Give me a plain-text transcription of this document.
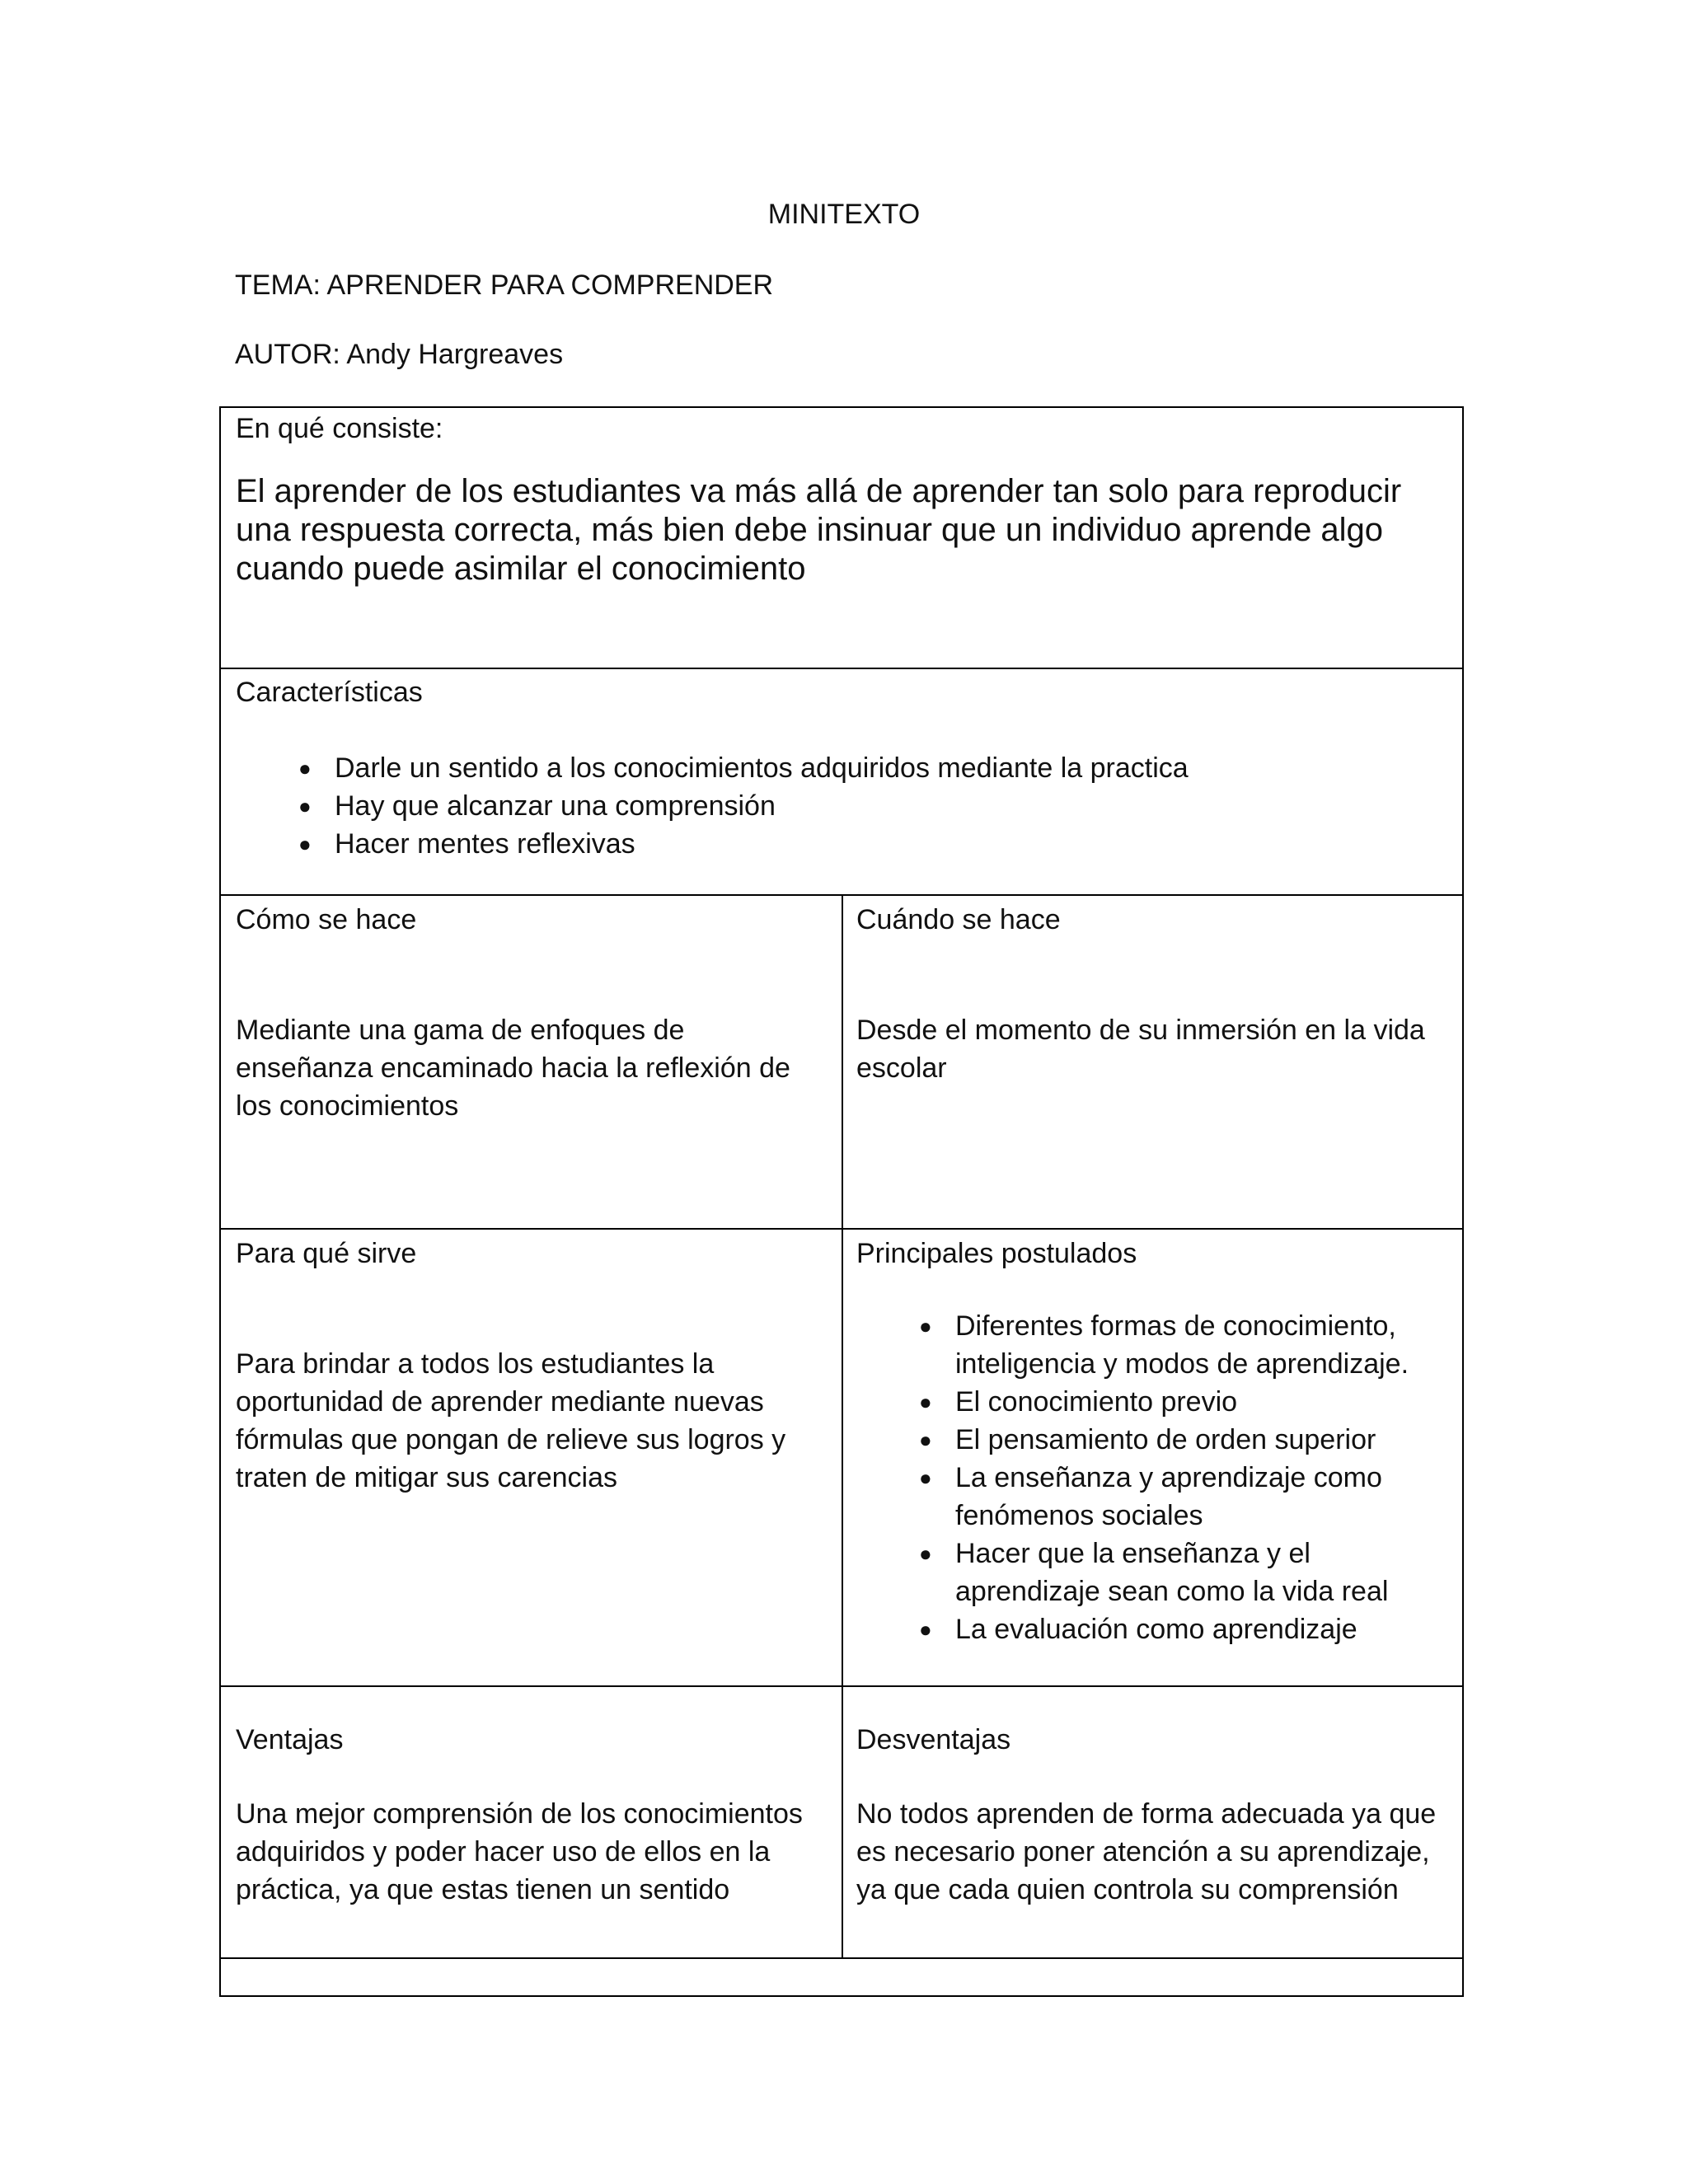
MINITEXTO
TEMA: APRENDER PARA COMPRENDER
AUTOR: Andy Hargreaves
En qué consiste:
El aprender de los estudiantes va más allá de aprender tan solo para reproducir una respuesta correcta, más bien debe insinuar que un individuo aprende algo cuando puede asimilar el conocimiento
Características
● Darle un sentido a los conocimientos adquiridos mediante la practica
● Hay que alcanzar una comprensión
● Hacer mentes reflexivas
Cómo se hace
Mediante una gama de enfoques de enseñanza encaminado hacia la reflexión de los conocimientos
Cuándo se hace
Desde el momento de su inmersión en la vida escolar
Para qué sirve
Para brindar a todos los estudiantes la oportunidad de aprender mediante nuevas fórmulas que pongan de relieve sus logros y traten de mitigar sus carencias
Principales postulados
● Diferentes formas de conocimiento, inteligencia y modos de aprendizaje.
● El conocimiento previo
● El pensamiento de orden superior
● La enseñanza y aprendizaje como fenómenos sociales
● Hacer que la enseñanza y el aprendizaje sean como la vida real
● La evaluación como aprendizaje
Ventajas
Una mejor comprensión de los conocimientos adquiridos y poder hacer uso de ellos en la práctica, ya que estas tienen un sentido
Desventajas
No todos aprenden de forma adecuada ya que es necesario poner atención a su aprendizaje, ya que cada quien controla su comprensión
